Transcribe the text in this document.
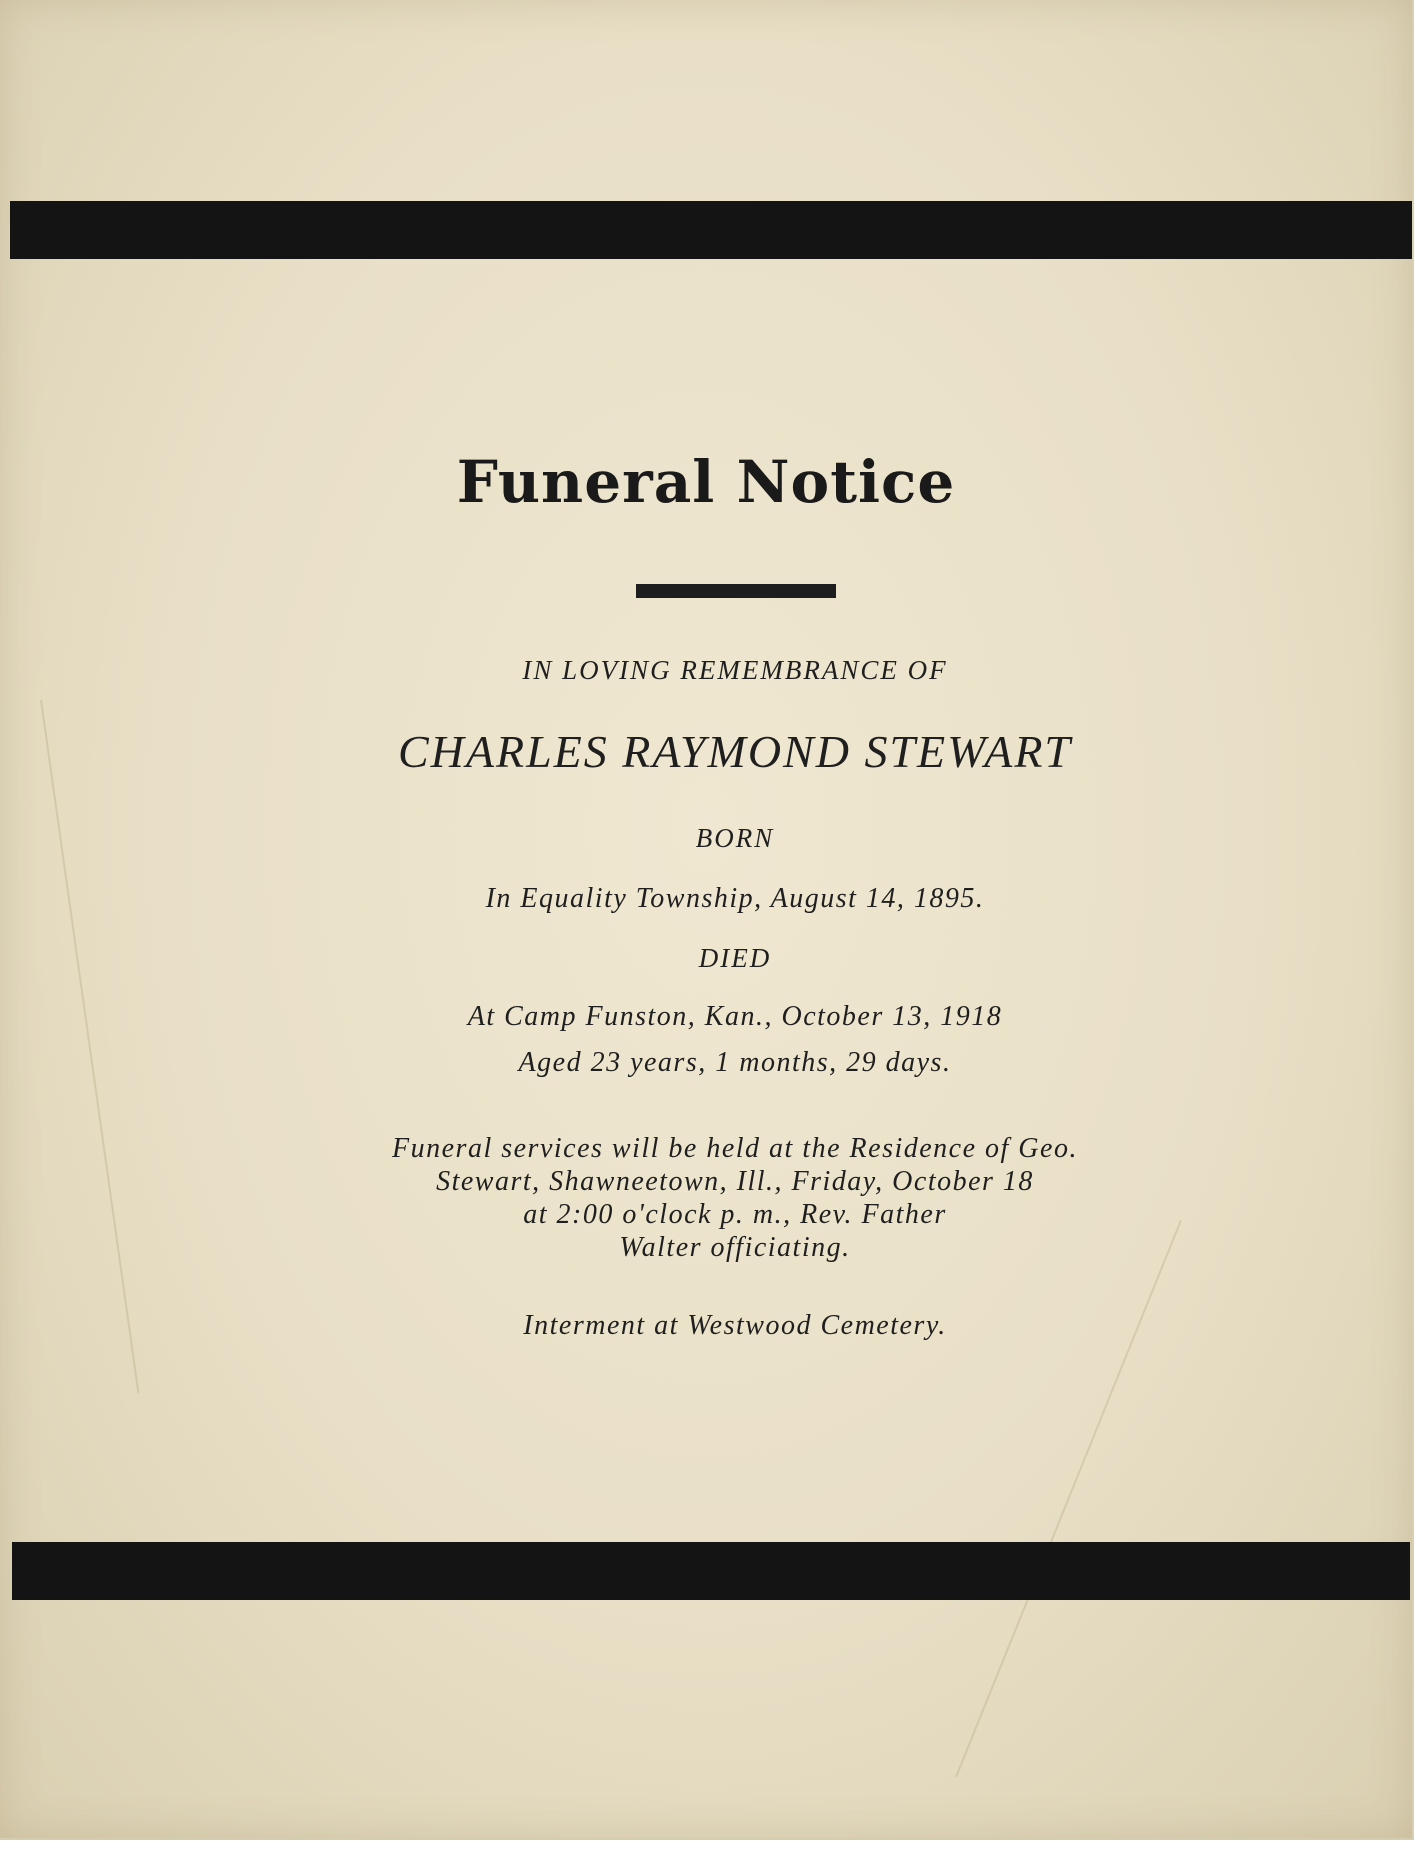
Funeral Notice
IN LOVING REMEMBRANCE OF
CHARLES RAYMOND STEWART
BORN
In Equality Township, August 14, 1895.
DIED
At Camp Funston, Kan., October 13, 1918
Aged 23 years, 1 months, 29 days.
Funeral services will be held at the Residence of Geo.
Stewart, Shawneetown, Ill., Friday, October 18
at 2:00 o'clock p. m., Rev. Father
Walter officiating.
Interment at Westwood Cemetery.
